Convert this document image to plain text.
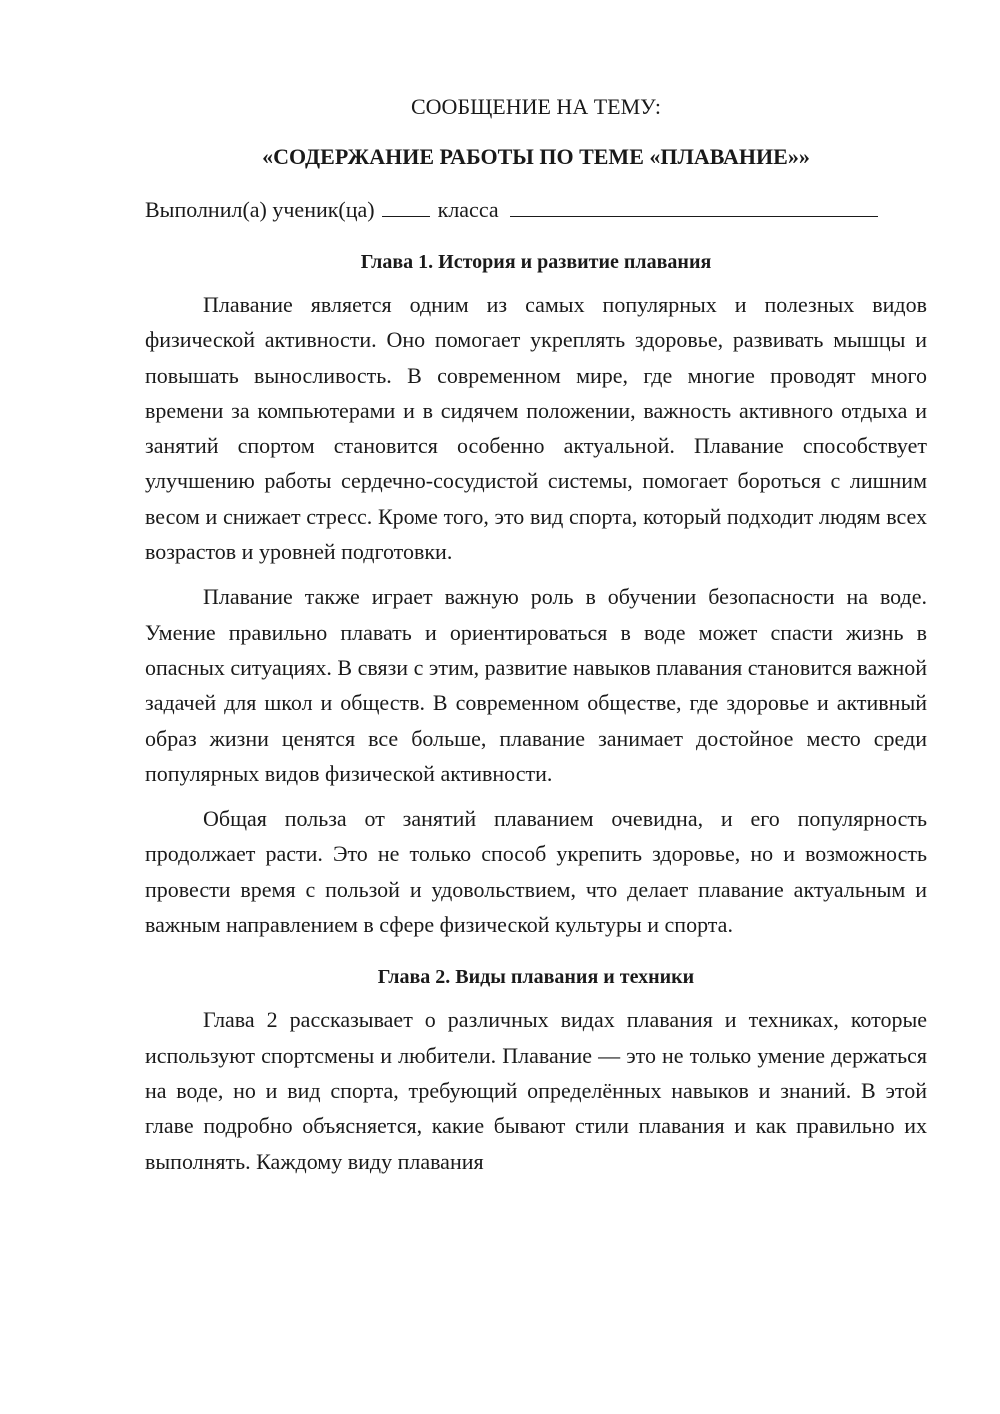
СООБЩЕНИЕ НА ТЕМУ:

«СОДЕРЖАНИЕ РАБОТЫ ПО ТЕМЕ «ПЛАВАНИЕ»»

Выполнил(а) ученик(ца)	класса
Глава 1. История и развитие плавания

Плавание является одним из самых популярных и полезных видов физической активности. Оно помогает укреплять здоровье, развивать мышцы и повышать выносливость. В современном мире, где многие проводят много времени за компьютерами и в сидячем положении, важность активного отдыха и занятий спортом становится особенно актуальной. Плавание способствует улучшению работы сердечно-сосудистой системы, помогает бороться с лишним весом и снижает стресс. Кроме того, это вид спорта, который подходит людям всех возрастов и уровней подготовки.

Плавание также играет важную роль в обучении безопасности на воде. Умение правильно плавать и ориентироваться в воде может спасти жизнь в опасных ситуациях. В связи с этим, развитие навыков плавания становится важной задачей для школ и обществ. В современном обществе, где здоровье и активный образ жизни ценятся все больше, плавание занимает достойное место среди популярных видов физической активности.

Общая польза от занятий плаванием очевидна, и его популярность продолжает расти. Это не только способ укрепить здоровье, но и возможность провести время с пользой и удовольствием, что делает плавание актуальным и важным направлением в сфере физической культуры и спорта.

Глава 2. Виды плавания и техники

Глава 2 рассказывает о различных видах плавания и техниках, которые используют спортсмены и любители. Плавание — это не только умение держаться на воде, но и вид спорта, требующий определённых навыков и знаний. В этой главе подробно объясняется, какие бывают стили плавания и как правильно их выполнять. Каждому виду плавания
